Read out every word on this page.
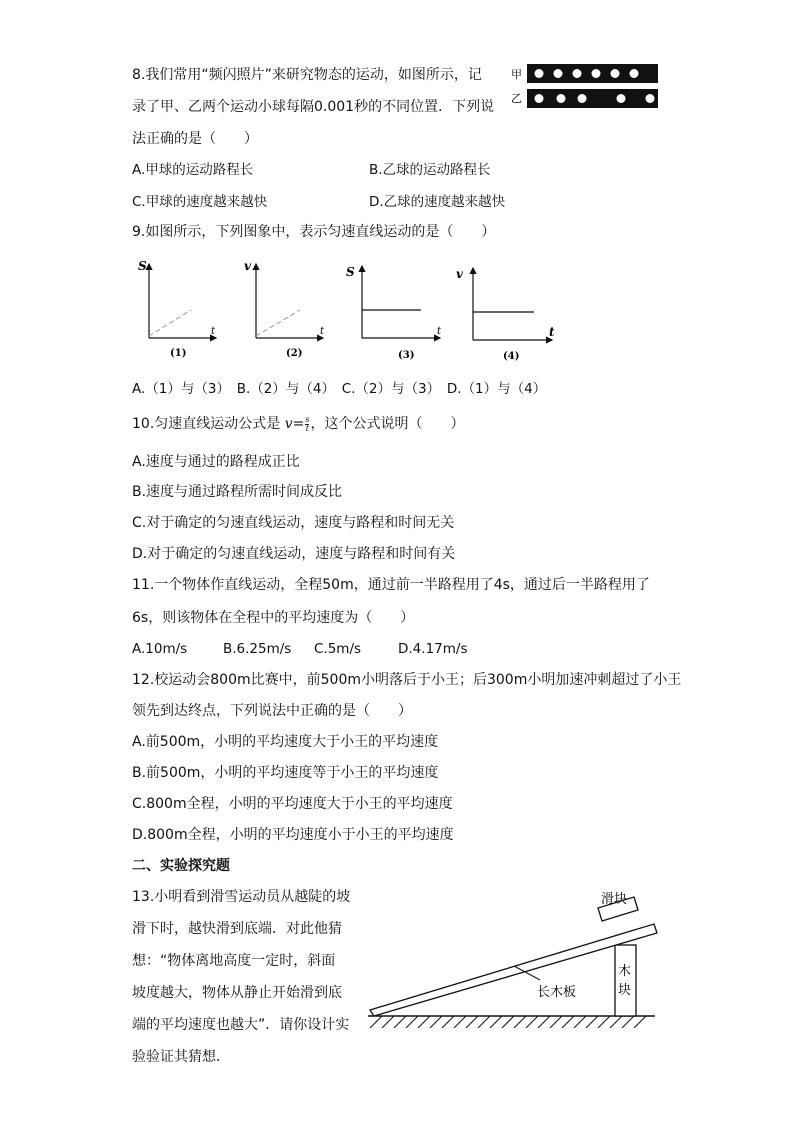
8.我们常用“频闪照片”来研究物态的运动，如图所示，记
录了甲、乙两个运动小球每隔0.001秒的不同位置．下列说
法正确的是（　　）
甲
乙
A.甲球的运动路程长	B.乙球的运动路程长
C.甲球的速度越来越快	D.乙球的速度越来越快
9.如图所示，下列图象中，表示匀速直线运动的是（　　）
S
t
(1)
v
t
(2)
S
t
(3)
v
t
(4)
A.（1）与（3）　B.（2）与（4）　C.（2）与（3）　D.（1）与（4）
10.匀速直线运动公式是 $v= \frac{s}{t}$ ，这个公式说明（　　）
A.速度与通过的路程成正比
B.速度与通过路程所需时间成反比
C.对于确定的匀速直线运动，速度与路程和时间无关
D.对于确定的匀速直线运动，速度与路程和时间有关
11.一个物体作直线运动，全程50m，通过前一半路程用了4s，通过后一半路程用了
6s，则该物体在全程中的平均速度为（　　）
A.10m/s	B.6.25m/s C.5m/s	D.4.17m/s
12.校运动会800m比赛中，前500m小明落后于小王；后300m小明加速冲刺超过了小王
领先到达终点，下列说法中正确的是（　　）
A.前500m，小明的平均速度大于小王的平均速度
B.前500m，小明的平均速度等于小王的平均速度
C.800m全程，小明的平均速度大于小王的平均速度
D.800m全程，小明的平均速度小于小王的平均速度
二、实验探究题
13.小明看到滑雪运动员从越陡的坡
滑下时，越快滑到底端．对此他猜
想：“物体离地高度一定时，斜面
坡度越大，物体从静止开始滑到底
端的平均速度也越大”．请你设计实
验验证其猜想．
木
块
滑块
长木板
